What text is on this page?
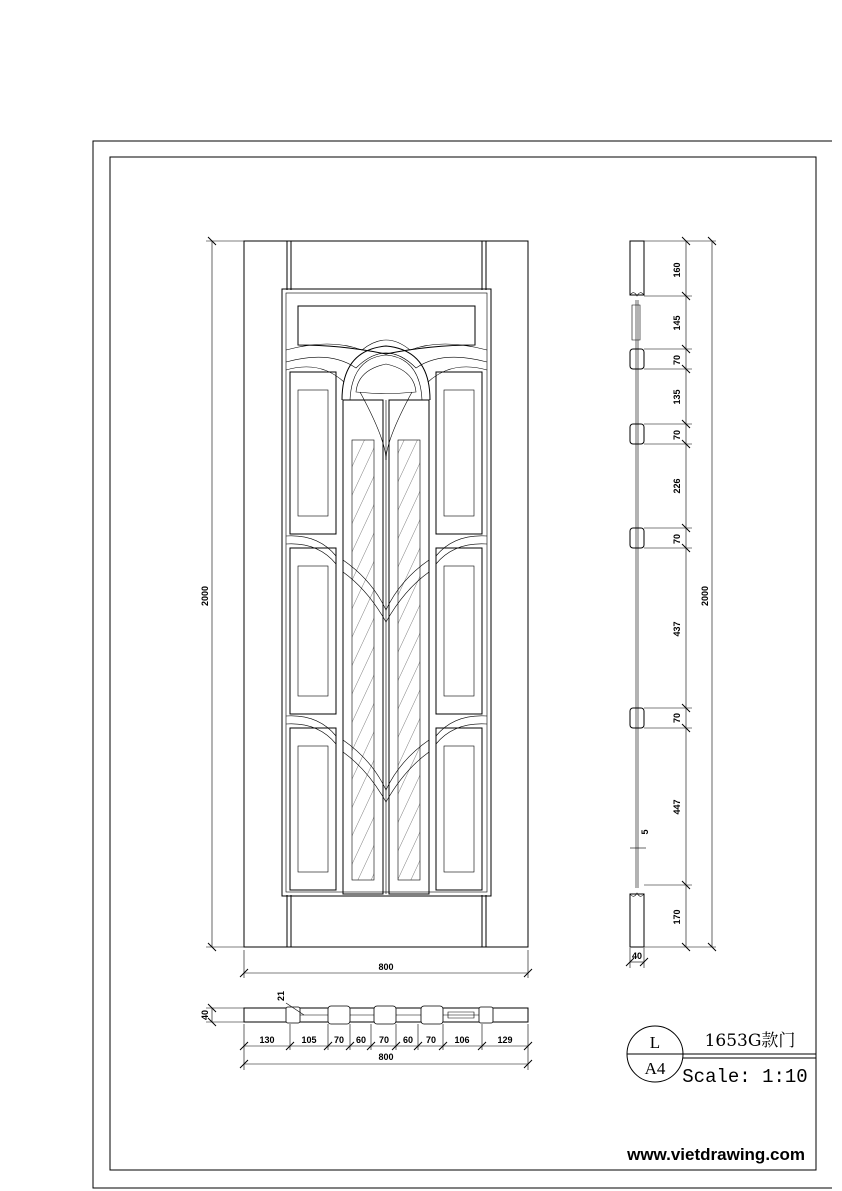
2000
800
160
145
70
135
70
226
70
437
70
447
170
2000
5
40
21
40
130	105 70 60 70 60 70 106	129
800
L
A4
1653G款门
Scale: 1:10
www.vietdrawing.com
